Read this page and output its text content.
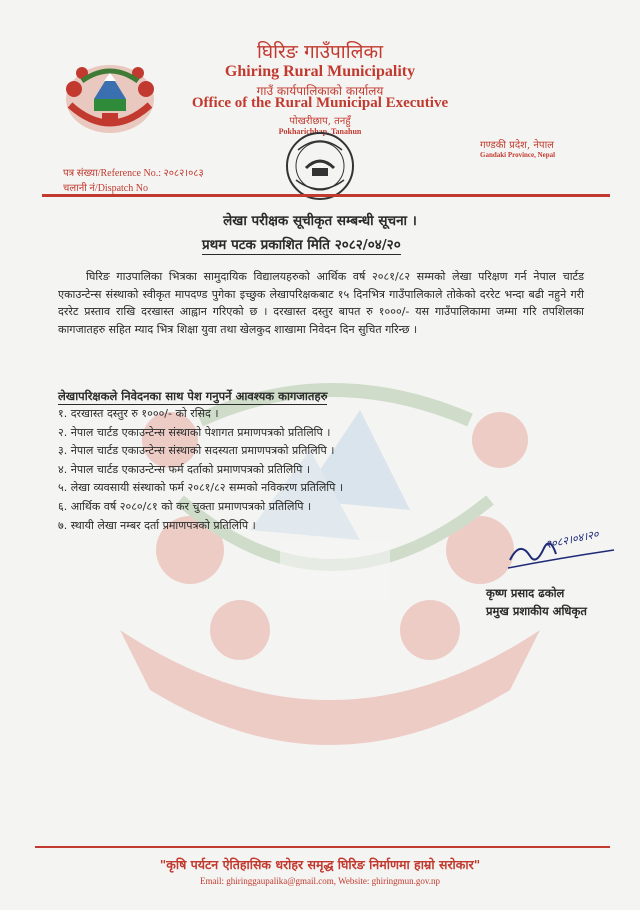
घिरिङ गाउँपालिका
Ghiring Rural Municipality
गाउँ कार्यपालिकाको कार्यालय
Office of the Rural Municipal Executive
पोखरीछाप, तनहुँ
Pokharichhap, Tanahun
गण्डकी प्रदेश, नेपाल
Gandaki Province, Nepal
पत्र संख्या/Reference No.: २०८२।०८३
चलानी नं/Dispatch No
लेखा परीक्षक सूचीकृत सम्बन्धी सूचना ।
प्रथम पटक प्रकाशित मिति २०८२/०४/२०
घिरिङ गाउपालिका भित्रका सामुदायिक विद्यालयहरुको आर्थिक वर्ष २०८१/८२ सम्मको लेखा परिक्षण गर्न नेपाल चार्टड एकाउन्टेन्स संस्थाको स्वीकृत मापदण्ड पुगेका इच्छुक लेखापरिक्षकबाट १५ दिनभित्र गाउँपालिकाले तोकेको दररेट भन्दा बढी नहुने गरी दररेट प्रस्ताव राखि दरखास्त आह्वान गरिएको छ । दरखास्त दस्तुर बापत रु १०००/- यस गाउँपालिकामा जम्मा गरि तपशिलका कागजातहरु सहित म्याद भित्र शिक्षा युवा तथा खेलकुद शाखामा निवेदन दिन सुचित गरिन्छ ।
लेखापरिक्षकले निवेदनका साथ पेश गनुपर्ने आवश्यक कागजातहरु
१. दरखास्त दस्तुर रु १०००/- को रसिद ।
२. नेपाल चार्टड एकाउन्टेन्स संस्थाको पेशागत प्रमाणपत्रको प्रतिलिपि ।
३. नेपाल चार्टड एकाउन्टेन्स संस्थाको सदस्यता प्रमाणपत्रको प्रतिलिपि ।
४. नेपाल चार्टड एकाउन्टेन्स फर्म दर्ताको प्रमाणपत्रको प्रतिलिपि ।
५. लेखा व्यवसायी संस्थाको फर्म २०८१/८२ सम्मको नविकरण प्रतिलिपि ।
६. आर्थिक वर्ष २०८०/८१ को कर चुक्ता प्रमाणपत्रको प्रतिलिपि ।
७. स्थायी लेखा नम्बर दर्ता प्रमाणपत्रको प्रतिलिपि ।
२०८२।०४।२०
कृष्ण प्रसाद ढकोल
प्रमुख प्रशाकीय अधिकृत
"कृषि पर्यटन ऐतिहासिक धरोहर समृद्ध घिरिङ निर्माणमा हाम्रो सरोकार"
Email: ghiringgaupalika@gmail.com, Website: ghiringmun.gov.np
